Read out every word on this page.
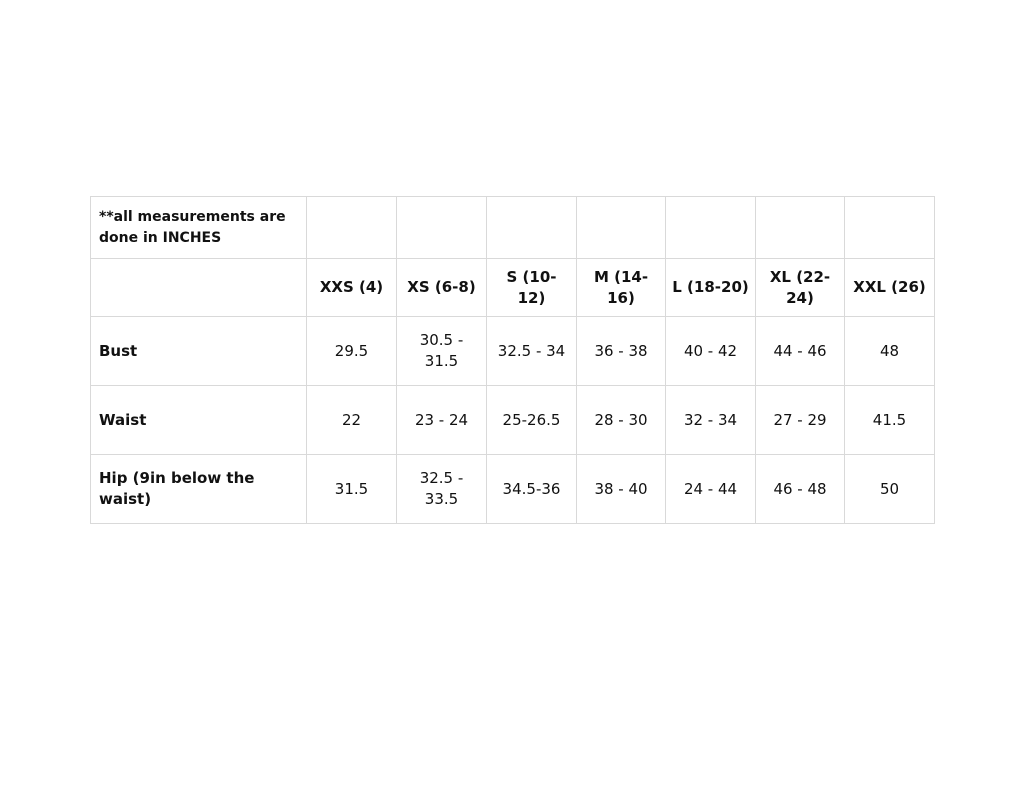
**all measurements are done in INCHES							
	XXS (4)	XS (6-8)	S (10-12)	M (14-16)	L (18-20)	XL (22-24)	XXL (26)
Bust	29.5	30.5 - 31.5	32.5 - 34	36 - 38	40 - 42	44 - 46	48
Waist	22	23 - 24	25-26.5	28 - 30	32 - 34	27 - 29	41.5
Hip (9in below the waist)	31.5	32.5 - 33.5	34.5-36	38 - 40	24 - 44	46 - 48	50
